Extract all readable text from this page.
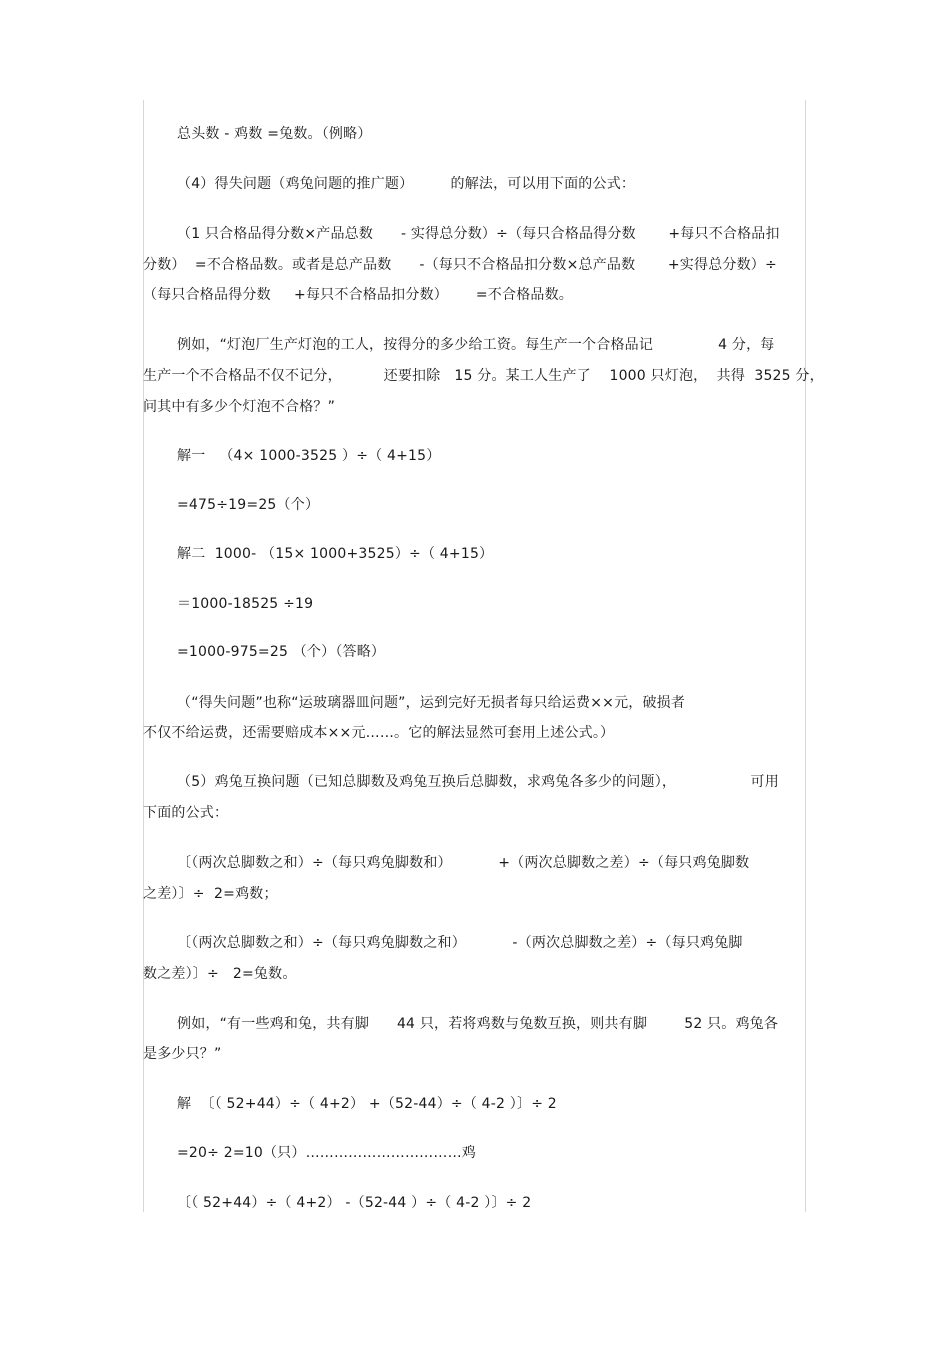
总头数 - 鸡数 =兔数。（例略）
（4）得失问题（鸡兔问题的推广题）        的解法，可以用下面的公式：
（1 只合格品得分数×产品总数      - 实得总分数）÷（每只合格品得分数       +每只不合格品扣
分数）  =不合格品数。或者是总产品数      -（每只不合格品扣分数×总产品数       +实得总分数）÷
（每只合格品得分数     +每只不合格品扣分数）      =不合格品数。
例如，“灯泡厂生产灯泡的工人，按得分的多少给工资。每生产一个合格品记              4 分，每
生产一个不合格品不仅不记分，         还要扣除   15 分。某工人生产了    1000 只灯泡，  共得  3525 分，
问其中有多少个灯泡不合格？”
解一   （4× 1000-3525 ）÷（ 4+15）
=475÷19=25（个）
解二  1000- （15× 1000+3525）÷（ 4+15）
＝1000-18525 ÷19
=1000-975=25 （个）（答略）
（“得失问题”也称“运玻璃器皿问题”，运到完好无损者每只给运费××元，破损者
不仅不给运费，还需要赔成本××元……。它的解法显然可套用上述公式。）
（5）鸡兔互换问题（已知总脚数及鸡兔互换后总脚数，求鸡兔各多少的问题），                可用
下面的公式：
〔（两次总脚数之和）÷（每只鸡兔脚数和）          +（两次总脚数之差）÷（每只鸡兔脚数
之差）〕÷  2=鸡数；
〔（两次总脚数之和）÷（每只鸡兔脚数之和）          -（两次总脚数之差）÷（每只鸡兔脚
数之差）〕÷   2=兔数。
例如，“有一些鸡和兔，共有脚      44 只，若将鸡数与兔数互换，则共有脚        52 只。鸡兔各
是多少只？”
解  〔（ 52+44）÷（ 4+2） +（52-44）÷（ 4-2 ）〕÷ 2
=20÷ 2=10（只）……………………………鸡
〔（ 52+44）÷（ 4+2） -（52-44 ）÷（ 4-2 ）〕÷ 2
